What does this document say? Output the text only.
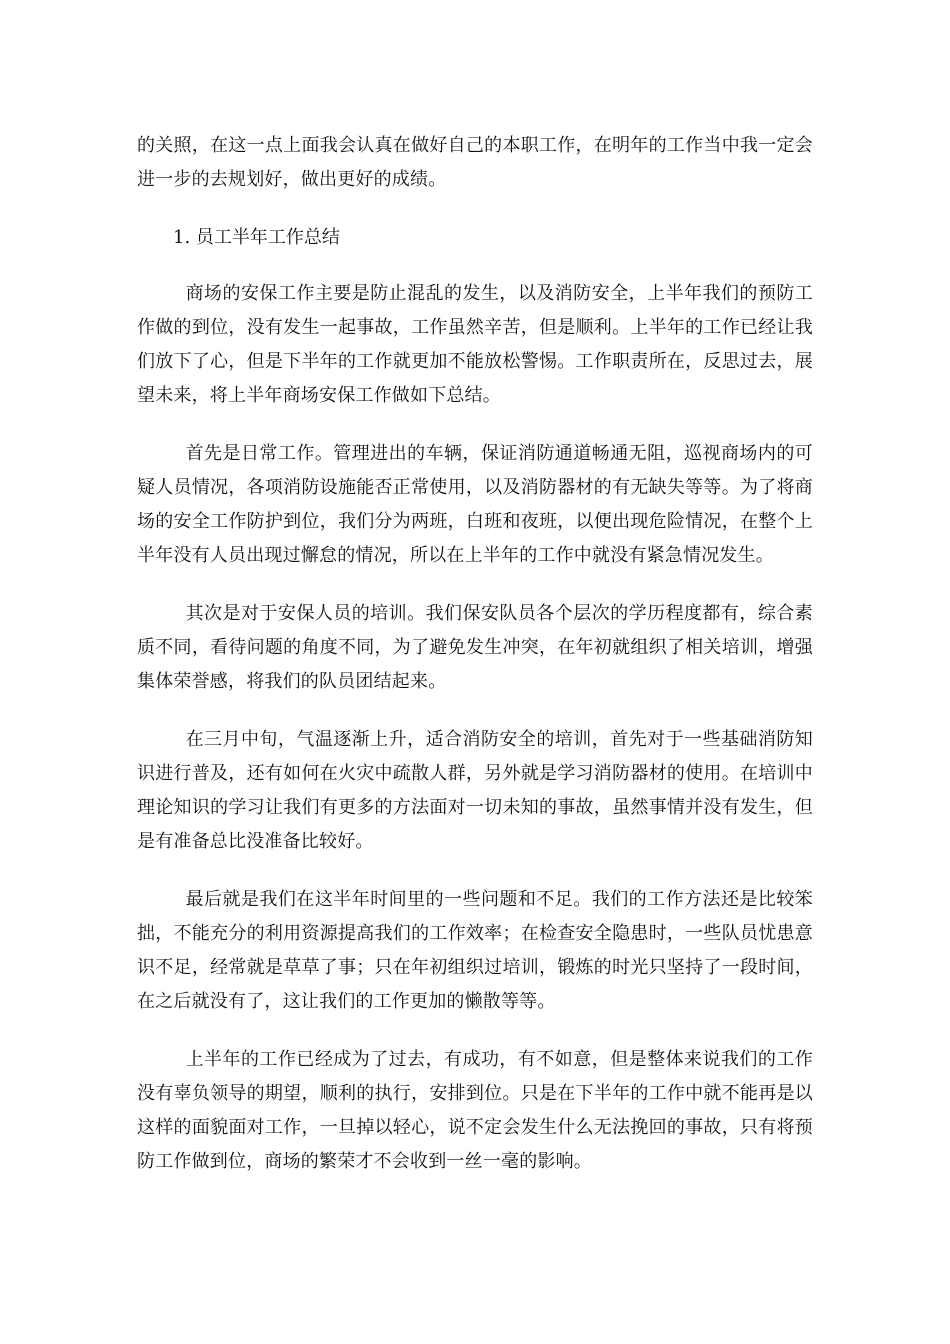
的关照，在这一点上面我会认真在做好自己的本职工作，在明年的工作当中我一定会进一步的去规划好，做出更好的成绩。

1. 员工半年工作总结

商场的安保工作主要是防止混乱的发生，以及消防安全，上半年我们的预防工作做的到位，没有发生一起事故，工作虽然辛苦，但是顺利。上半年的工作已经让我们放下了心，但是下半年的工作就更加不能放松警惕。工作职责所在，反思过去，展望未来，将上半年商场安保工作做如下总结。

首先是日常工作。管理进出的车辆，保证消防通道畅通无阻，巡视商场内的可疑人员情况，各项消防设施能否正常使用，以及消防器材的有无缺失等等。为了将商场的安全工作防护到位，我们分为两班，白班和夜班，以便出现危险情况，在整个上半年没有人员出现过懈怠的情况，所以在上半年的工作中就没有紧急情况发生。

其次是对于安保人员的培训。我们保安队员各个层次的学历程度都有，综合素质不同，看待问题的角度不同，为了避免发生冲突，在年初就组织了相关培训，增强集体荣誉感，将我们的队员团结起来。

在三月中旬，气温逐渐上升，适合消防安全的培训，首先对于一些基础消防知识进行普及，还有如何在火灾中疏散人群，另外就是学习消防器材的使用。在培训中理论知识的学习让我们有更多的方法面对一切未知的事故，虽然事情并没有发生，但是有准备总比没准备比较好。

最后就是我们在这半年时间里的一些问题和不足。我们的工作方法还是比较笨拙，不能充分的利用资源提高我们的工作效率；在检查安全隐患时，一些队员忧患意识不足，经常就是草草了事；只在年初组织过培训，锻炼的时光只坚持了一段时间，在之后就没有了，这让我们的工作更加的懒散等等。

上半年的工作已经成为了过去，有成功，有不如意，但是整体来说我们的工作没有辜负领导的期望，顺利的执行，安排到位。只是在下半年的工作中就不能再是以这样的面貌面对工作，一旦掉以轻心，说不定会发生什么无法挽回的事故，只有将预防工作做到位，商场的繁荣才不会收到一丝一毫的影响。
